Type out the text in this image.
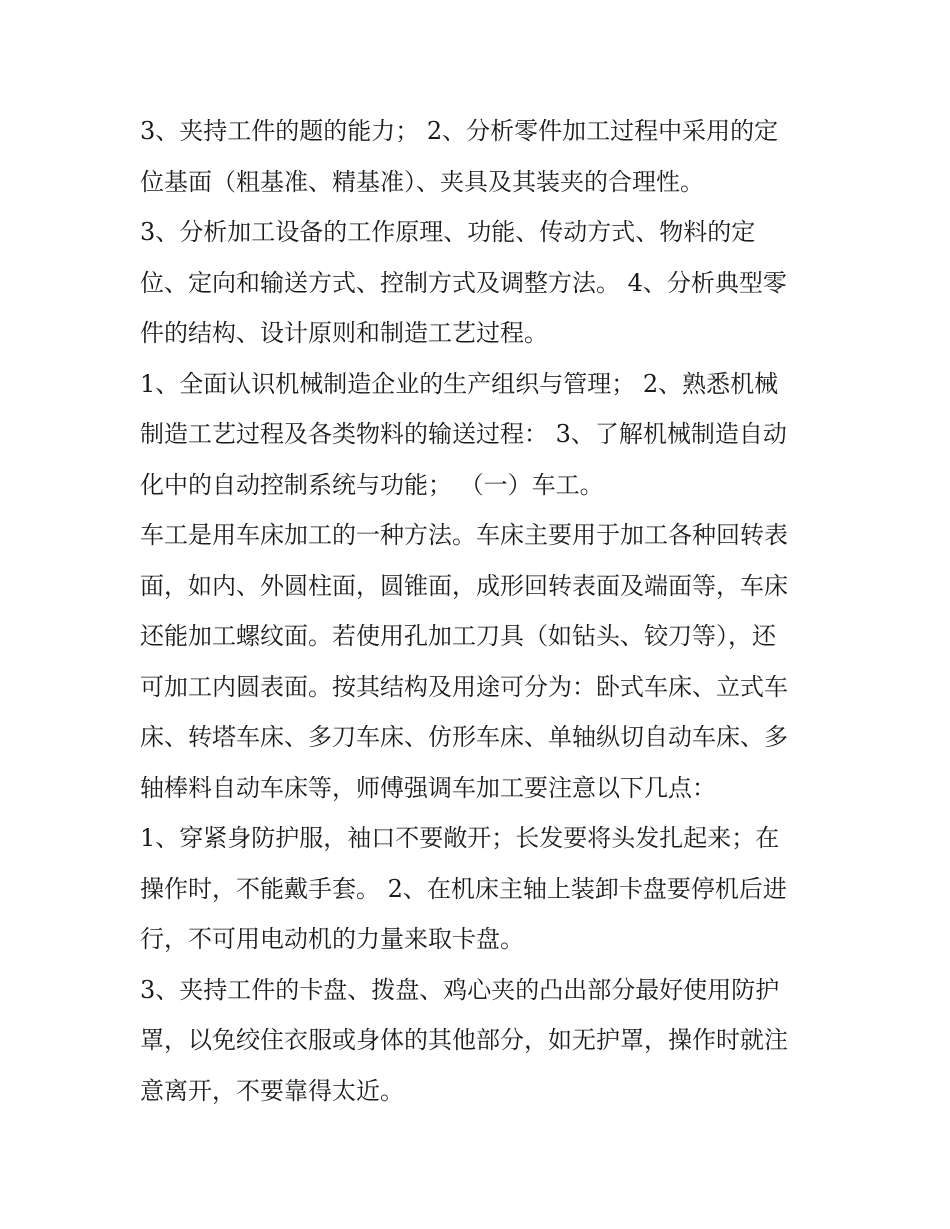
3、夹持工件的题的能力； 2、分析零件加工过程中采用的定
位基面（粗基准、精基准）、夹具及其装夹的合理性。
3、分析加工设备的工作原理、功能、传动方式、物料的定
位、定向和输送方式、控制方式及调整方法。 4、分析典型零
件的结构、设计原则和制造工艺过程。
1、全面认识机械制造企业的生产组织与管理； 2、熟悉机械
制造工艺过程及各类物料的输送过程： 3、了解机械制造自动
化中的自动控制系统与功能； （一）车工。
车工是用车床加工的一种方法。车床主要用于加工各种回转表
面，如内、外圆柱面，圆锥面，成形回转表面及端面等，车床
还能加工螺纹面。若使用孔加工刀具（如钻头、铰刀等），还
可加工内圆表面。按其结构及用途可分为：卧式车床、立式车
床、转塔车床、多刀车床、仿形车床、单轴纵切自动车床、多
轴棒料自动车床等，师傅强调车加工要注意以下几点：
1、穿紧身防护服，袖口不要敞开；长发要将头发扎起来；在
操作时，不能戴手套。 2、在机床主轴上装卸卡盘要停机后进
行，不可用电动机的力量来取卡盘。
3、夹持工件的卡盘、拨盘、鸡心夹的凸出部分最好使用防护
罩，以免绞住衣服或身体的其他部分，如无护罩，操作时就注
意离开，不要靠得太近。
